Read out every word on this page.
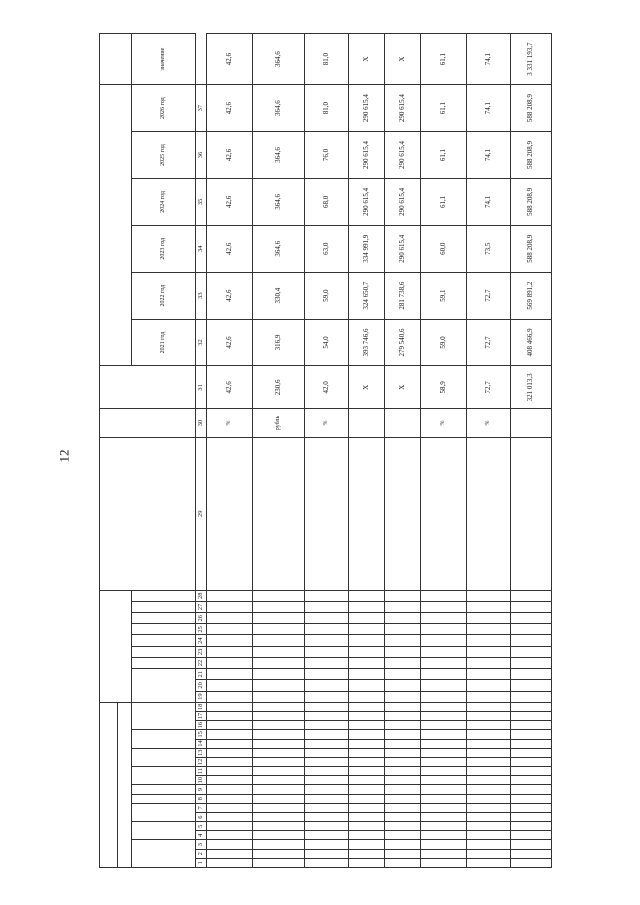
12

																															2021 год	2022 год	2023 год	2024 год	2025 год	2026 год	значение
1	2	3	4	5	6	7	8	9	10	11	12	13	14	15	16	17	18	19	20	21	22	23	24	25	26	27	28	29	30	31	32	33	34	35	36	37	
																													%	42,6	42,6	42,6	42,6	42,6	42,6	42,6	42,6
																													рубль	230,6	316,9	330,4	364,6	364,6	364,6	364,6	364,6
																													%	42,0	54,0	59,0	63,0	68,0	76,0	81,0	81,0
																														X	393 746,6	324 650,7	334 991,9	290 615,4	290 615,4	290 615,4	X
																														X	279 540,6	281 738,6	290 615,4	290 615,4	290 615,4	290 615,4	X
																													%	58,9	59,0	59,1	60,0	61,1	61,1	61,1	61,1
																													%	72,7	72,7	72,7	73,5	74,1	74,1	74,1	74,1
																														321 013,3	408 466,9	569 891,2	588 208,9	588 208,9	588 208,9	588 208,9	3 331 193,7
